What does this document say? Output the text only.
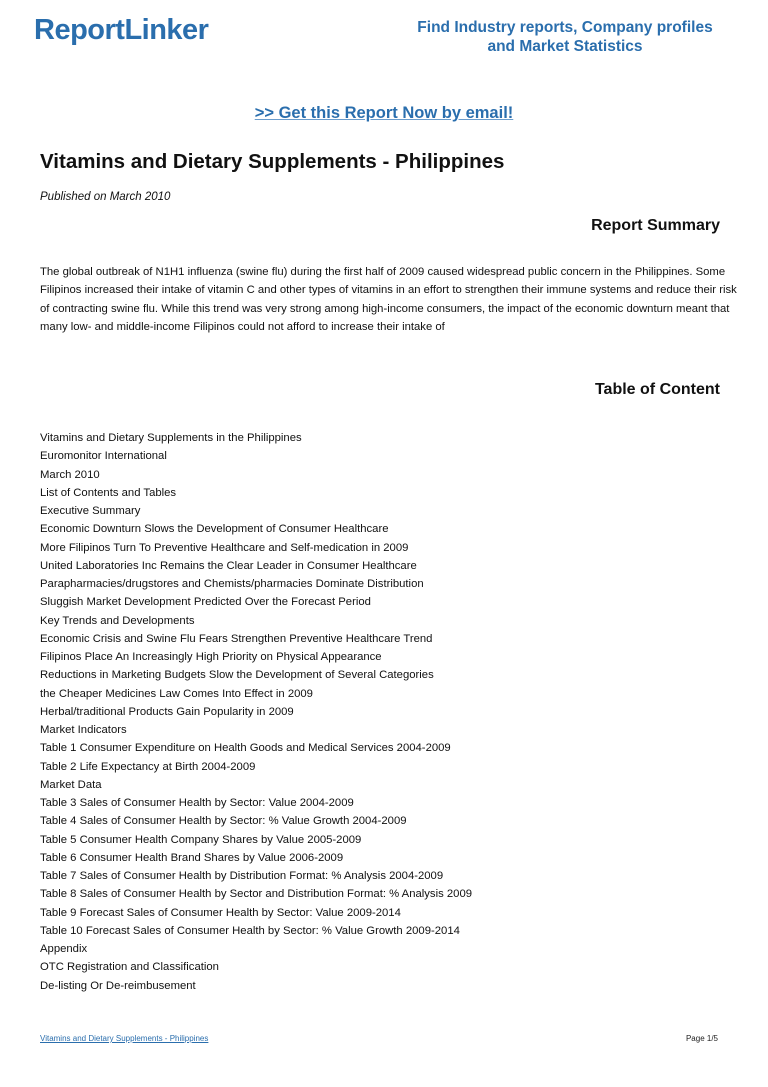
ReportLinker	Find Industry reports, Company profiles
and Market Statistics
>> Get this Report Now by email!
Vitamins and Dietary Supplements - Philippines
Published on March 2010
Report Summary

The global outbreak of N1H1 influenza (swine flu) during the first half of 2009 caused widespread public concern in the Philippines. Some Filipinos increased their intake of vitamin C and other types of vitamins in an effort to strengthen their immune systems and reduce their risk of contracting swine flu. While this trend was very strong among high-income consumers, the impact of the economic downturn meant that many low- and middle-income Filipinos could not afford to increase their intake of

Table of Content
Vitamins and Dietary Supplements in the Philippines
Euromonitor International
March 2010
List of Contents and Tables
Executive Summary
Economic Downturn Slows the Development of Consumer Healthcare
More Filipinos Turn To Preventive Healthcare and Self-medication in 2009
United Laboratories Inc Remains the Clear Leader in Consumer Healthcare
Parapharmacies/drugstores and Chemists/pharmacies Dominate Distribution
Sluggish Market Development Predicted Over the Forecast Period
Key Trends and Developments
Economic Crisis and Swine Flu Fears Strengthen Preventive Healthcare Trend
Filipinos Place An Increasingly High Priority on Physical Appearance
Reductions in Marketing Budgets Slow the Development of Several Categories
the Cheaper Medicines Law Comes Into Effect in 2009
Herbal/traditional Products Gain Popularity in 2009
Market Indicators
Table 1 Consumer Expenditure on Health Goods and Medical Services 2004-2009
Table 2 Life Expectancy at Birth 2004-2009
Market Data
Table 3 Sales of Consumer Health by Sector: Value 2004-2009
Table 4 Sales of Consumer Health by Sector: % Value Growth 2004-2009
Table 5 Consumer Health Company Shares by Value 2005-2009
Table 6 Consumer Health Brand Shares by Value 2006-2009
Table 7 Sales of Consumer Health by Distribution Format: % Analysis 2004-2009
Table 8 Sales of Consumer Health by Sector and Distribution Format: % Analysis 2009
Table 9 Forecast Sales of Consumer Health by Sector: Value 2009-2014
Table 10 Forecast Sales of Consumer Health by Sector: % Value Growth 2009-2014
Appendix
OTC Registration and Classification
De-listing Or De-reimbusement
Vitamins and Dietary Supplements - Philippines	Page 1/5
